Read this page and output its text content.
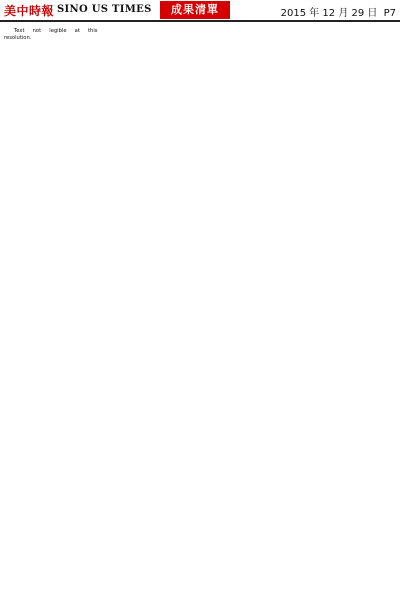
美中時報 SINO US TIMES	成果清單	2015 年 12 月 29 日 P7

Text not legible at this resolution.
